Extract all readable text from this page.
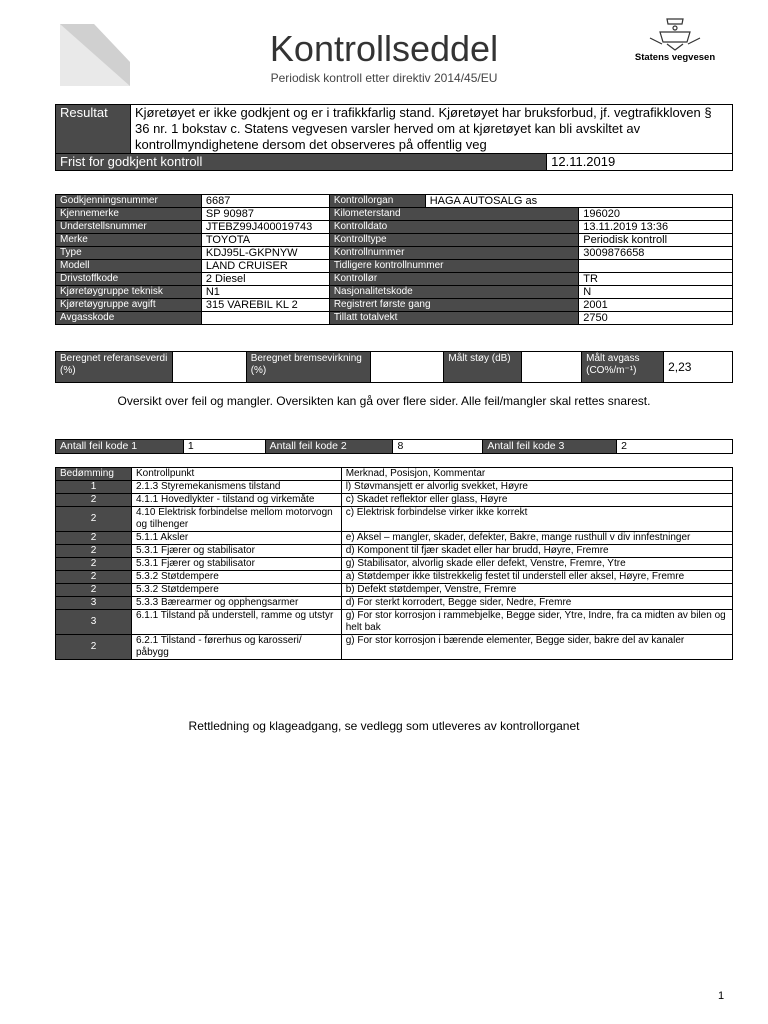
Kontrollseddel
Periodisk kontroll etter direktiv 2014/45/EU
Statens vegvesen
Resultat	Kjøretøyet er ikke godkjent og er i trafikkfarlig stand. Kjøretøyet har bruksforbud, jf. vegtrafikkloven § 36 nr. 1 bokstav c. Statens vegvesen varsler herved om at kjøretøyet kan bli avskiltet av kontrollmyndighetene dersom det observeres på offentlig veg	
Frist for godkjent kontroll		12.11.2019
Godkjenningsnummer	6687	Kontrollorgan	HAGA AUTOSALG as	
Kjennemerke	SP 90987	Kilometerstand		196020
Understellsnummer	JTEBZ99J400019743	Kontrolldato		13.11.2019 13:36
Merke	TOYOTA	Kontrolltype		Periodisk kontroll
Type	KDJ95L-GKPNYW	Kontrollnummer		3009876658
Modell	LAND CRUISER	Tidligere kontrollnummer		
Drivstoffkode	2 Diesel	Kontrollør		TR
Kjøretøygruppe teknisk	N1	Nasjonalitetskode		N
Kjøretøygruppe avgift	315 VAREBIL KL 2	Registrert første gang		2001
Avgasskode		Tillatt totalvekt		2750
Beregnet referanseverdi (%)		Beregnet bremsevirkning (%)		Målt støy (dB)		Målt avgass (CO%/m⁻¹)	2,23
Oversikt over feil og mangler. Oversikten kan gå over flere sider. Alle feil/mangler skal rettes snarest.
Antall feil kode 1	1	Antall feil kode 2	8	Antall feil kode 3	2
Bedømming	Kontrollpunkt	Merknad, Posisjon, Kommentar
1	2.1.3 Styremekanismens tilstand	l) Støvmansjett er alvorlig svekket, Høyre
2	4.1.1 Hovedlykter - tilstand og virkemåte	c) Skadet reflektor eller glass, Høyre
2	4.10 Elektrisk forbindelse mellom motorvogn og tilhenger	c) Elektrisk forbindelse virker ikke korrekt
2	5.1.1 Aksler	e) Aksel – mangler, skader, defekter, Bakre, mange rusthull v div innfestninger
2	5.3.1 Fjærer og stabilisator	d) Komponent til fjær skadet eller har brudd, Høyre, Fremre
2	5.3.1 Fjærer og stabilisator	g) Stabilisator, alvorlig skade eller defekt, Venstre, Fremre, Ytre
2	5.3.2 Støtdempere	a) Støtdemper ikke tilstrekkelig festet til understell eller aksel, Høyre, Fremre
2	5.3.2 Støtdempere	b) Defekt støtdemper, Venstre, Fremre
3	5.3.3 Bærearmer og opphengsarmer	d) For sterkt korrodert, Begge sider, Nedre, Fremre
3	6.1.1 Tilstand på understell, ramme og utstyr	g) For stor korrosjon i rammebjelke, Begge sider, Ytre, Indre, fra ca midten av bilen og helt bak
2	6.2.1 Tilstand - førerhus og karosseri/ påbygg	g) For stor korrosjon i bærende elementer, Begge sider, bakre del av kanaler
Rettledning og klageadgang, se vedlegg som utleveres av kontrollorganet
1
